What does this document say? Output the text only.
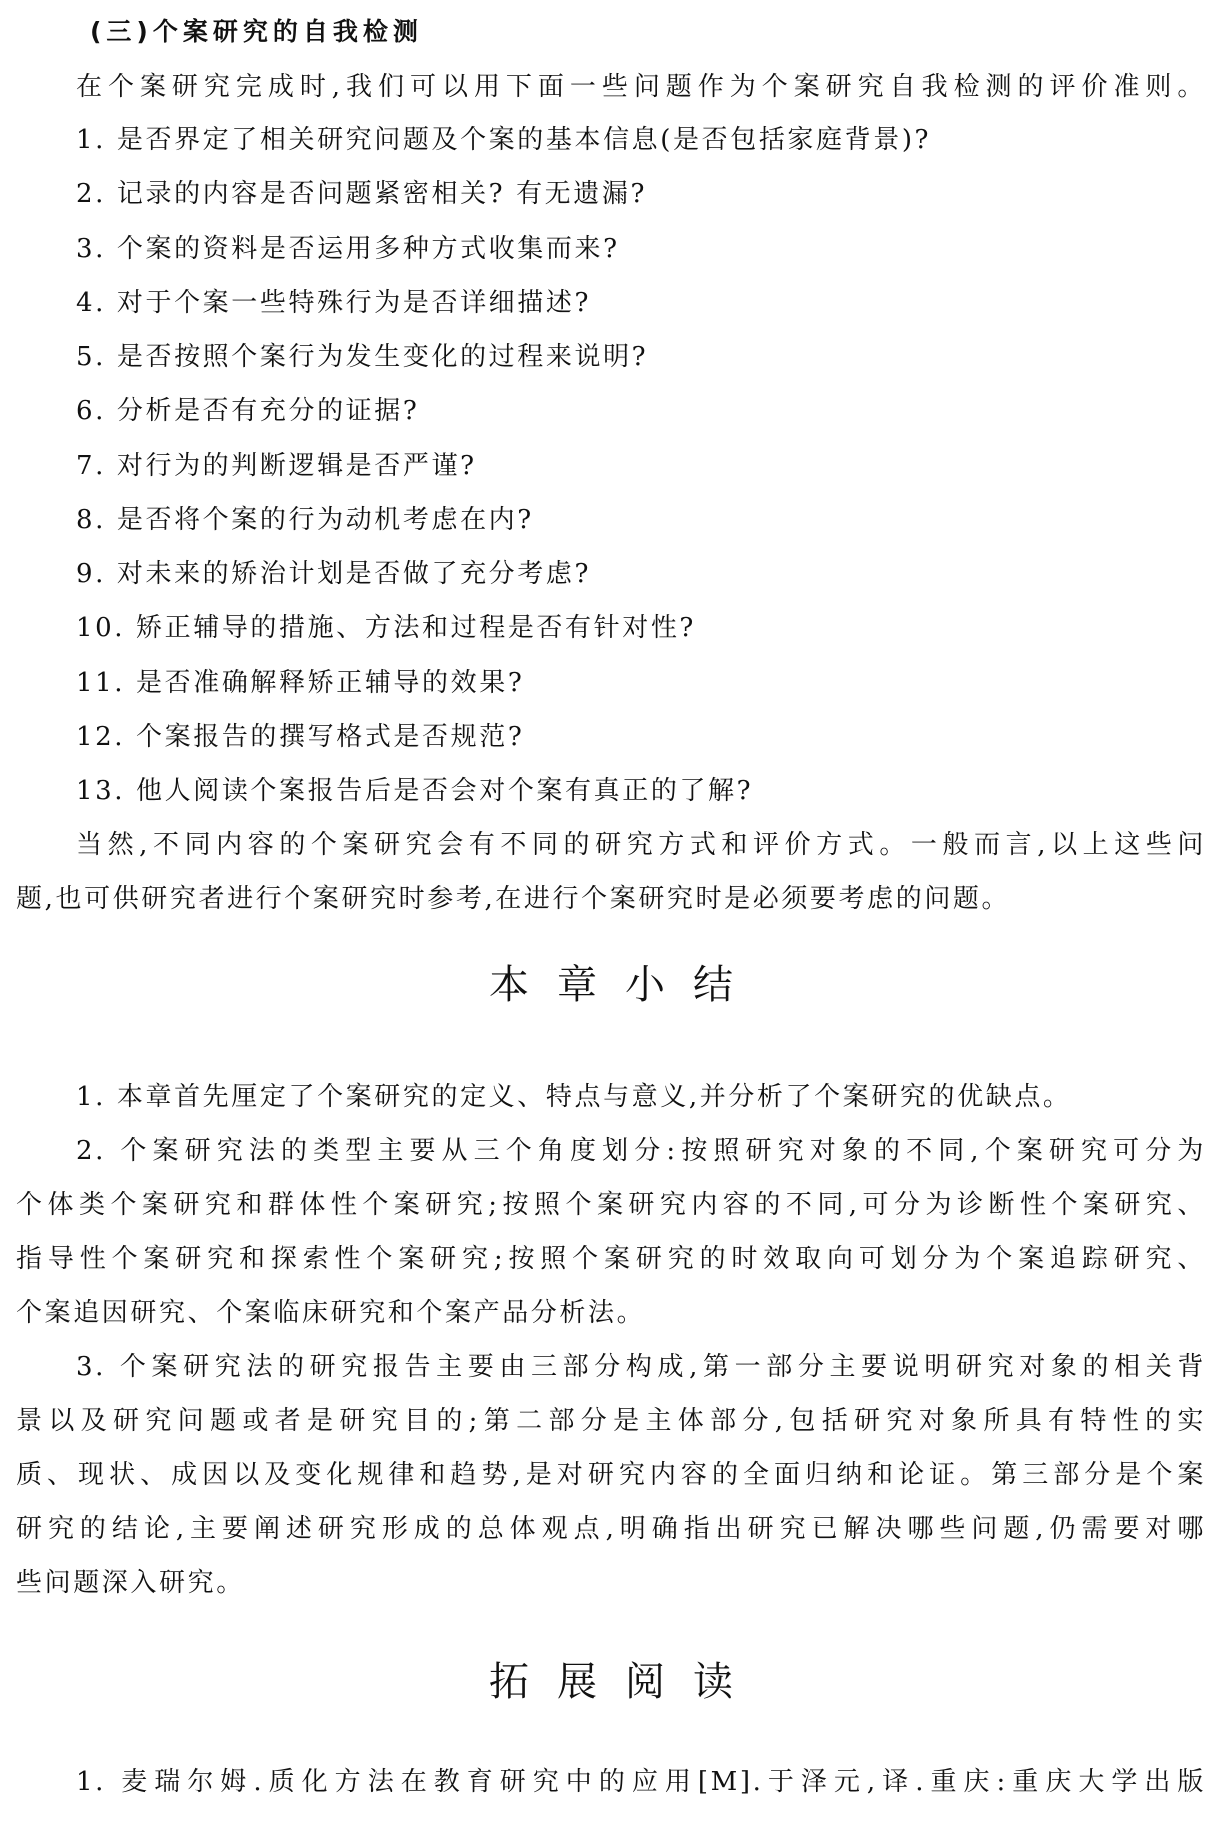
(三)个案研究的自我检测
在个案研究完成时,我们可以用下面一些问题作为个案研究自我检测的评价准则。
1. 是否界定了相关研究问题及个案的基本信息(是否包括家庭背景)?
2. 记录的内容是否问题紧密相关? 有无遗漏?
3. 个案的资料是否运用多种方式收集而来?
4. 对于个案一些特殊行为是否详细描述?
5. 是否按照个案行为发生变化的过程来说明?
6. 分析是否有充分的证据?
7. 对行为的判断逻辑是否严谨?
8. 是否将个案的行为动机考虑在内?
9. 对未来的矫治计划是否做了充分考虑?
10. 矫正辅导的措施、方法和过程是否有针对性?
11. 是否准确解释矫正辅导的效果?
12. 个案报告的撰写格式是否规范?
13. 他人阅读个案报告后是否会对个案有真正的了解?
当然,不同内容的个案研究会有不同的研究方式和评价方式。一般而言,以上这些问
题,也可供研究者进行个案研究时参考,在进行个案研究时是必须要考虑的问题。
本章小结
1. 本章首先厘定了个案研究的定义、特点与意义,并分析了个案研究的优缺点。
2. 个案研究法的类型主要从三个角度划分:按照研究对象的不同,个案研究可分为
个体类个案研究和群体性个案研究;按照个案研究内容的不同,可分为诊断性个案研究、
指导性个案研究和探索性个案研究;按照个案研究的时效取向可划分为个案追踪研究、
个案追因研究、个案临床研究和个案产品分析法。
3. 个案研究法的研究报告主要由三部分构成,第一部分主要说明研究对象的相关背
景以及研究问题或者是研究目的;第二部分是主体部分,包括研究对象所具有特性的实
质、现状、成因以及变化规律和趋势,是对研究内容的全面归纳和论证。第三部分是个案
研究的结论,主要阐述研究形成的总体观点,明确指出研究已解决哪些问题,仍需要对哪
些问题深入研究。
拓展阅读
1. 麦瑞尔姆.质化方法在教育研究中的应用[M].于泽元,译.重庆:重庆大学出版
